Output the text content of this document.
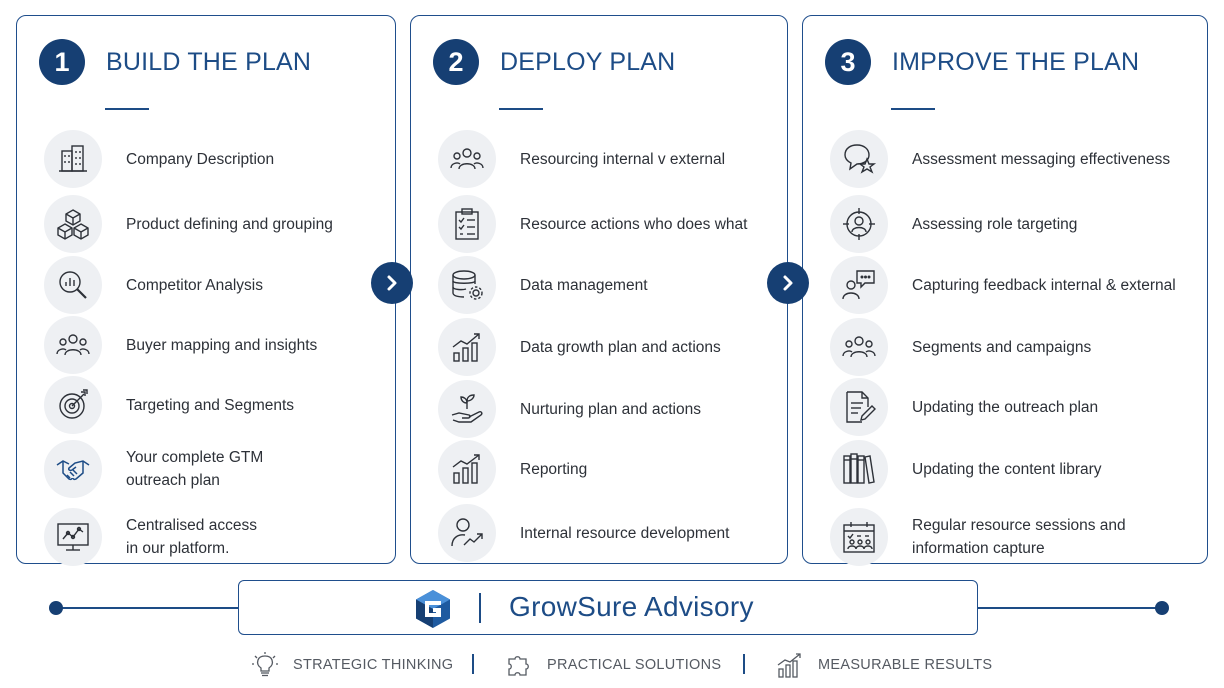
1	BUILD THE PLAN
Company Description
Product defining and grouping
Competitor Analysis
Buyer mapping and insights
Targeting and Segments
Your complete GTM
outreach plan
Centralised access
in our platform.
2	DEPLOY PLAN
Resourcing internal v external
Resource actions who does what
Data management
Data growth plan and actions
Nurturing plan and actions
Reporting
Internal resource development
3	IMPROVE THE PLAN
Assessment messaging effectiveness
Assessing role targeting
Capturing feedback internal & external
Segments and campaigns
Updating the outreach plan
Updating the content library
Regular resource sessions and
information capture
GrowSure Advisory
STRATEGIC THINKING	PRACTICAL SOLUTIONS	MEASURABLE RESULTS
